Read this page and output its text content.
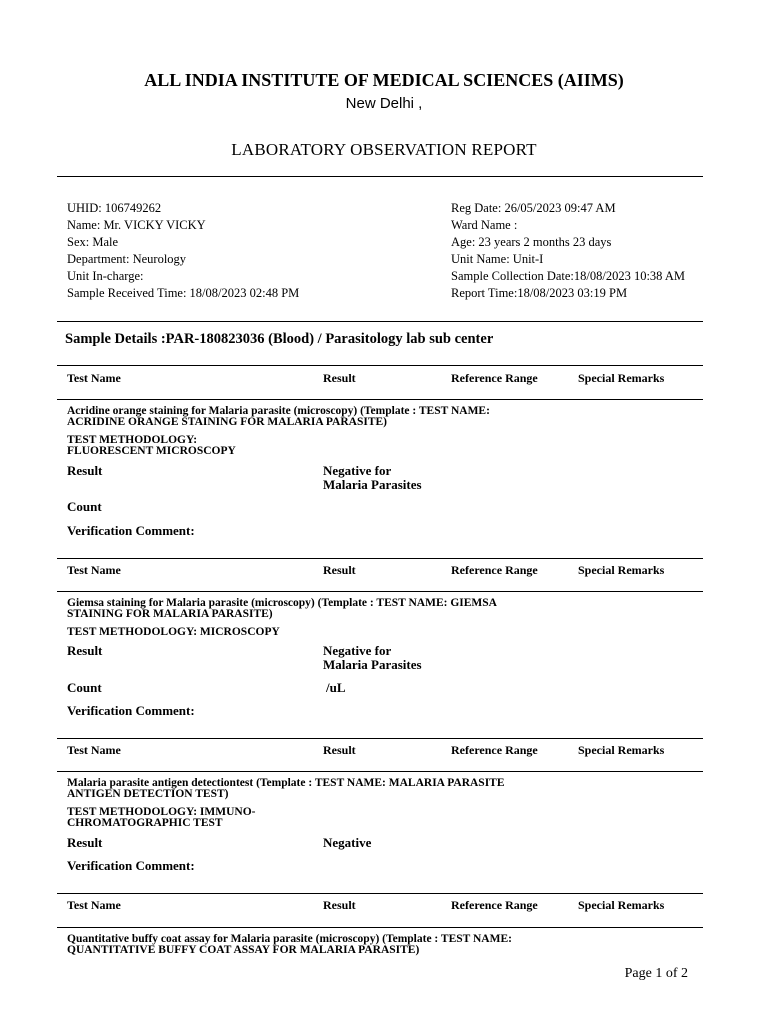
ALL INDIA INSTITUTE OF MEDICAL SCIENCES (AIIMS)
New Delhi ,
LABORATORY OBSERVATION REPORT
UHID: 106749262
Name: Mr. VICKY VICKY
Sex: Male
Department: Neurology
Unit In-charge:
Sample Received Time: 18/08/2023 02:48 PM
Reg Date: 26/05/2023 09:47 AM
Ward Name :
Age: 23 years 2 months 23 days
Unit Name: Unit-I
Sample Collection Date:18/08/2023 10:38 AM
Report Time:18/08/2023 03:19 PM
Sample Details :PAR-180823036 (Blood) / Parasitology lab sub center
Test Name	Result	Reference Range	Special Remarks
Acridine orange staining for Malaria parasite (microscopy) (Template : TEST NAME:
ACRIDINE ORANGE STAINING FOR MALARIA PARASITE)
TEST METHODOLOGY:
FLUORESCENT MICROSCOPY
Result	Negative for
Malaria Parasites
Count
Verification Comment:
Test Name	Result	Reference Range	Special Remarks
Giemsa staining for Malaria parasite (microscopy) (Template : TEST NAME: GIEMSA
STAINING FOR MALARIA PARASITE)
TEST METHODOLOGY: MICROSCOPY
Result	Negative for
Malaria Parasites
Count	/uL
Verification Comment:
Test Name	Result	Reference Range	Special Remarks
Malaria parasite antigen detectiontest (Template : TEST NAME: MALARIA PARASITE
ANTIGEN DETECTION TEST)
TEST METHODOLOGY: IMMUNO-
CHROMATOGRAPHIC TEST
Result	Negative
Verification Comment:
Test Name	Result	Reference Range	Special Remarks
Quantitative buffy coat assay for Malaria parasite (microscopy) (Template : TEST NAME:
QUANTITATIVE BUFFY COAT ASSAY FOR MALARIA PARASITE)
Page 1 of 2
